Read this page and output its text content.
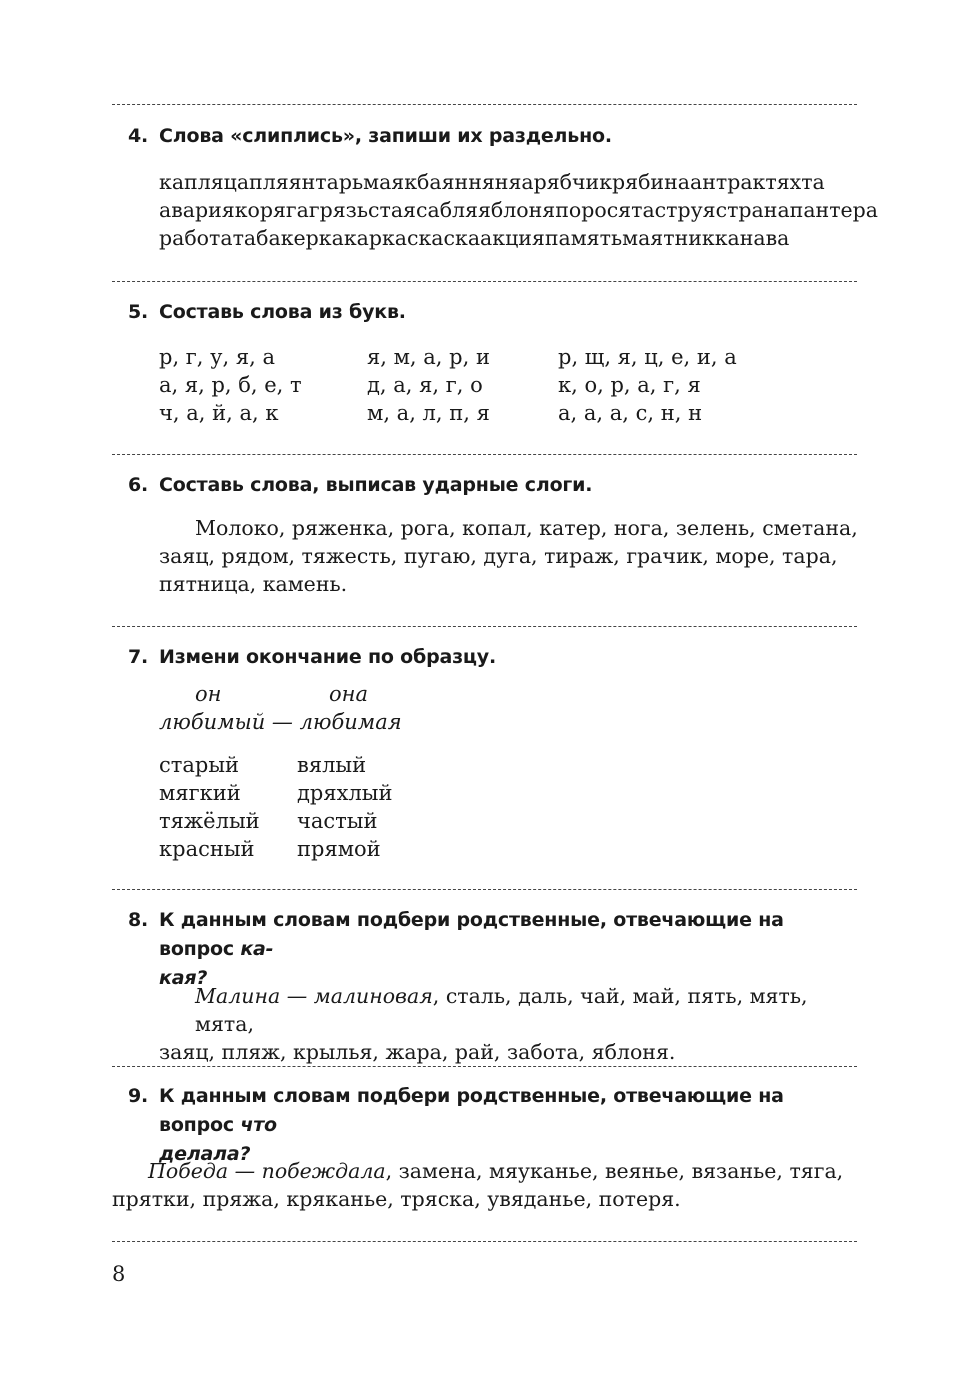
4. Слова «слиплись», запиши их раздельно.
капляцапляянтарьмаякбаянняняарябчикрябинаантрактяхта
авариякорягагрязьстаясабляяблоняпоросятаструястранапантера
работатабакеркакаркаскаскаакцияпамятьмаятникканава
5. Составь слова из букв.
р, г, у, я, а
а, я, р, б, е, т
ч, а, й, а, к
я, м, а, р, и
д, а, я, г, о
м, а, л, п, я
р, щ, я, ц, е, и, а
к, о, р, а, г, я
а, а, а, с, н, н
6. Составь слова, выписав ударные слоги.
Молоко, ряженка, рога, копал, катер, нога, зелень, сметана,
заяц, рядом, тяжесть, пугаю, дуга, тираж, грачик, море, тара,
пятница, камень.
7. Измени окончание по образцу.
он	она
любимый — любимая
старый
мягкий
тяжёлый
красный
вялый
дряхлый
частый
прямой
8. К данным словам подбери родственные, отвечающие на вопрос ка-
кая?
Малина — малиновая, сталь, даль, чай, май, пять, мять, мята,
заяц, пляж, крылья, жара, рай, забота, яблоня.
9. К данным словам подбери родственные, отвечающие на вопрос что
делала?
Победа — побеждала, замена, мяуканье, веянье, вязанье, тяга,
прятки, пряжа, кряканье, тряска, увяданье, потеря.
8
